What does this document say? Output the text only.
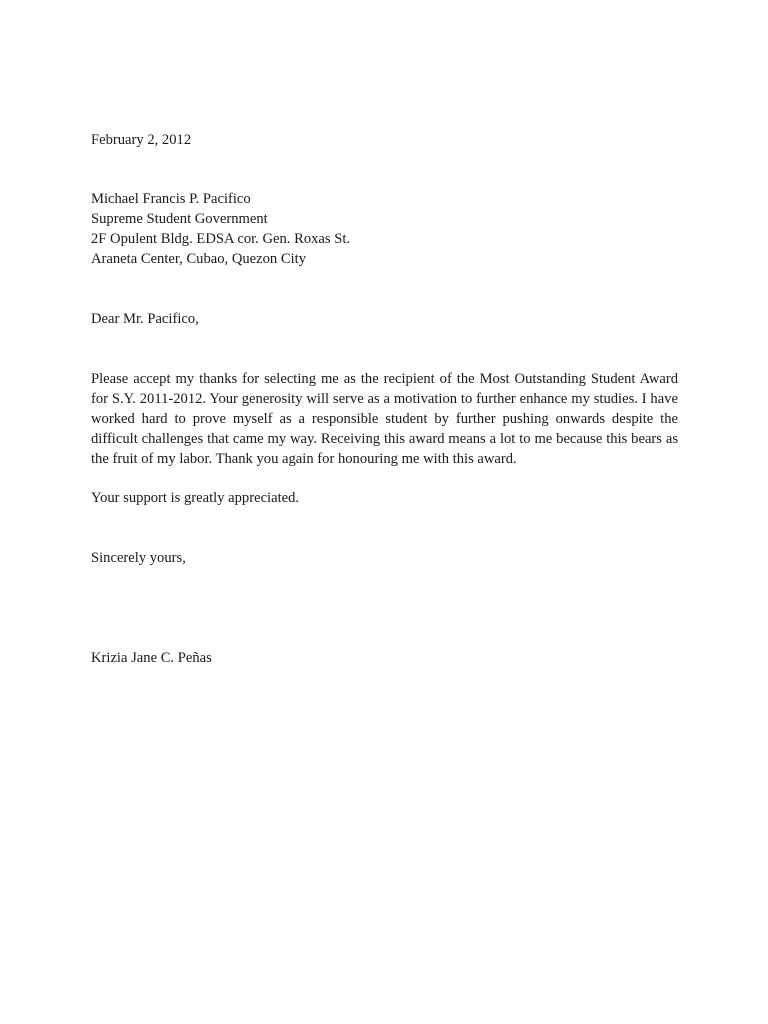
February 2, 2012
Michael Francis P. Pacifico
Supreme Student Government
2F Opulent Bldg. EDSA cor. Gen. Roxas St.
Araneta Center, Cubao, Quezon City
Dear Mr. Pacifico,
Please accept my thanks for selecting me as the recipient of the Most Outstanding Student Award for S.Y. 2011-2012. Your generosity will serve as a motivation to further enhance my studies. I have worked hard to prove myself as a responsible student by further pushing onwards despite the difficult challenges that came my way. Receiving this award means a lot to me because this bears as the fruit of my labor. Thank you again for honouring me with this award.
Your support is greatly appreciated.
Sincerely yours,
Krizia Jane C. Peñas
